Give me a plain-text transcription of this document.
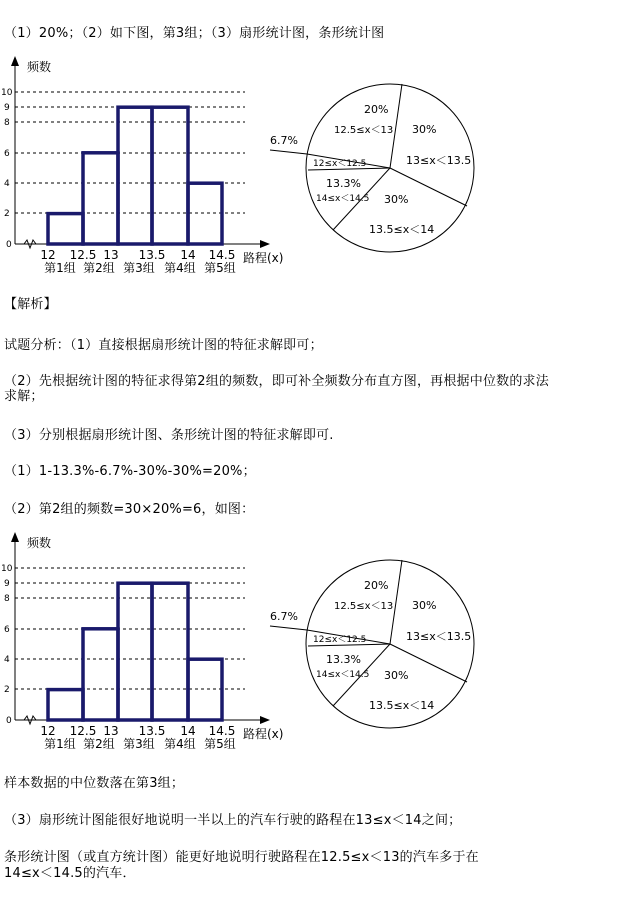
（1）20%；（2）如下图，第3组；（3）扇形统计图，条形统计图
0
2
4
6
8
9
10
频数
12 12.5 13 13.5 14 14.5
第1组 第2组 第3组 第4组 第5组
路程(x)
20%
12.5≤x＜13 30%
13≤x＜13.5
30%
13.5≤x＜14
13.3%
14≤x＜14.5
6.7%
12≤x＜12.5
【解析】
试题分析：（1）直接根据扇形统计图的特征求解即可；
（2）先根据统计图的特征求得第2组的频数，即可补全频数分布直方图，再根据中位数的求法
求解；
（3）分别根据扇形统计图、条形统计图的特征求解即可.
（1）1-13.3%-6.7%-30%-30%=20%；
（2）第2组的频数=30×20%=6，如图：
0
2
4
6
8
9
10
频数
12 12.5 13 13.5 14 14.5
第1组 第2组 第3组 第4组 第5组
路程(x)
20%
12.5≤x＜13 30%
13≤x＜13.5
30%
13.5≤x＜14
13.3%
14≤x＜14.5
6.7%
12≤x＜12.5
样本数据的中位数落在第3组；
（3）扇形统计图能很好地说明一半以上的汽车行驶的路程在13≤x＜14之间；
条形统计图（或直方统计图）能更好地说明行驶路程在12.5≤x＜13的汽车多于在
14≤x＜14.5的汽车．
